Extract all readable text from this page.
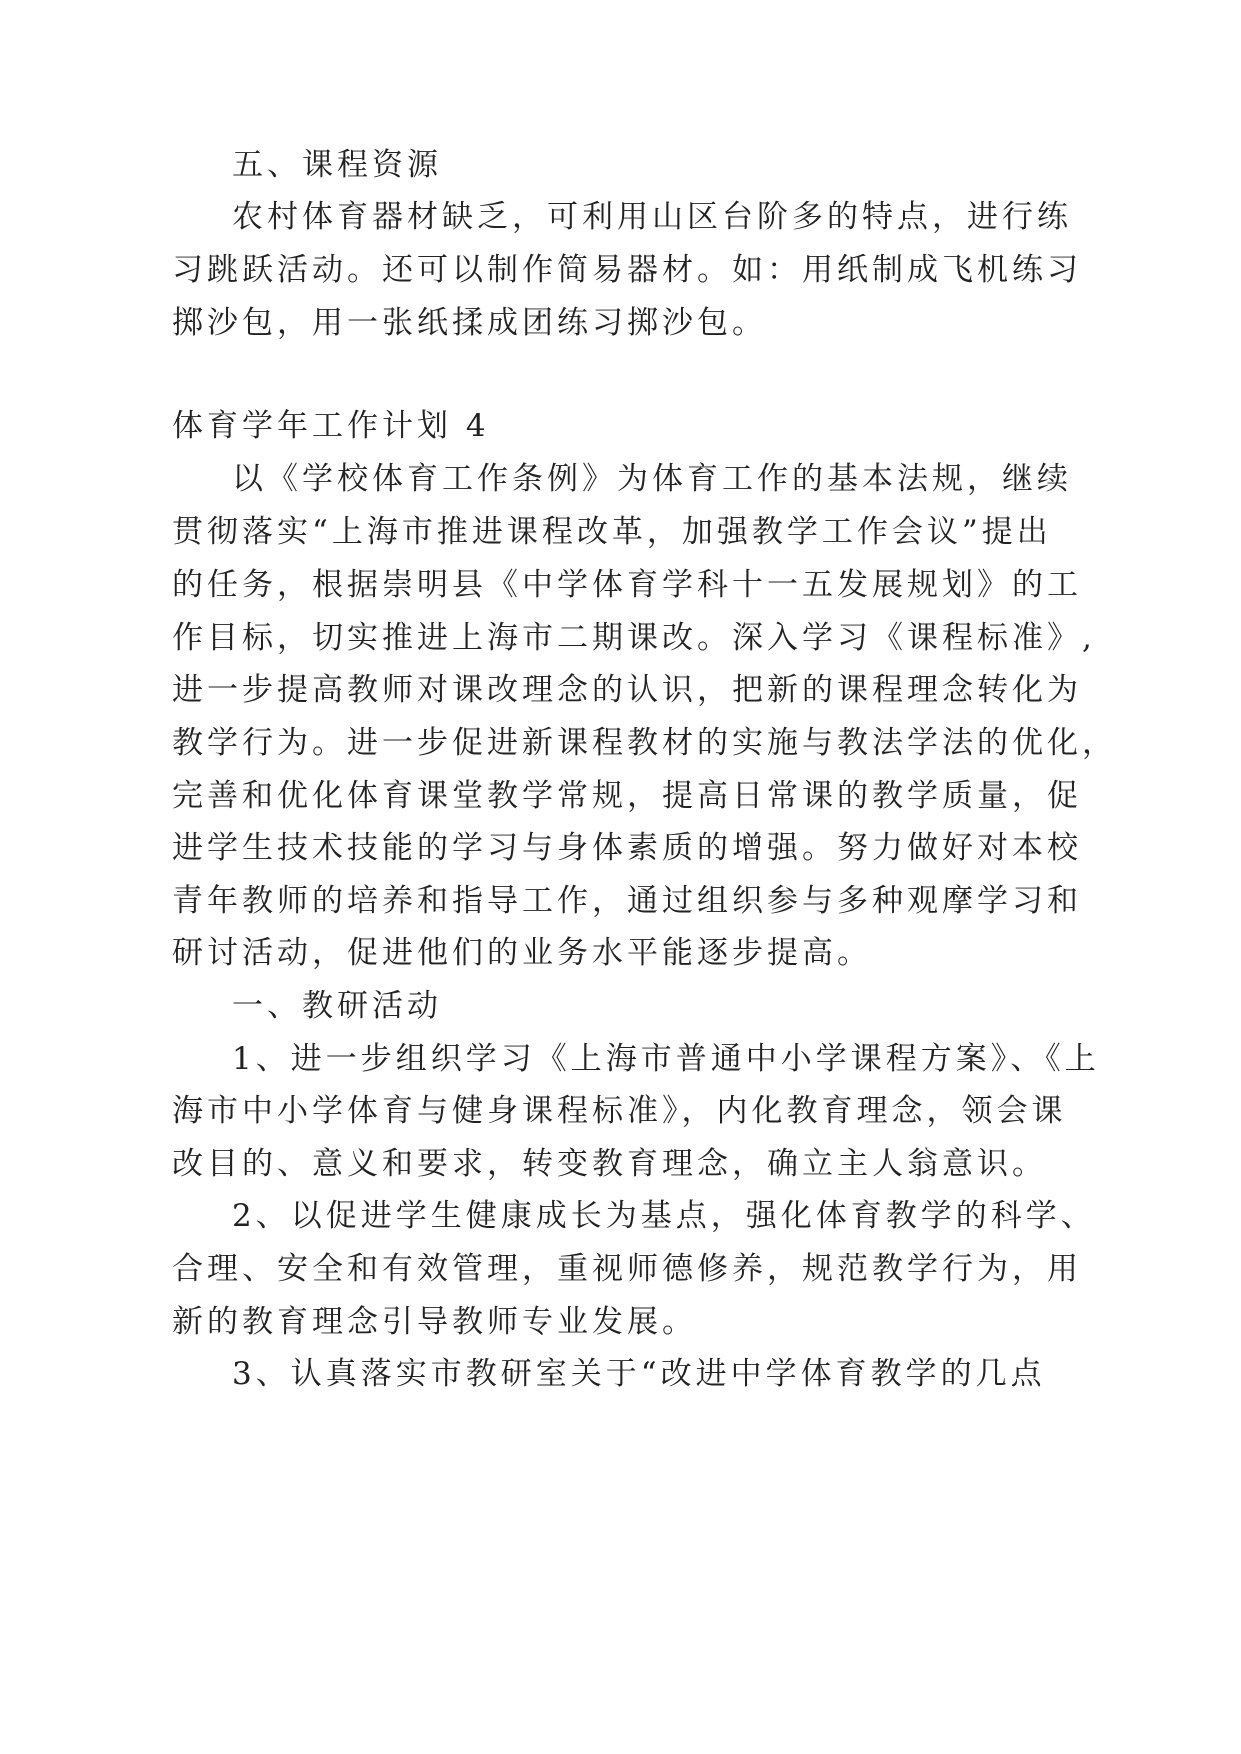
五、课程资源
农村体育器材缺乏，可利用山区台阶多的特点，进行练
习跳跃活动。还可以制作简易器材。如：用纸制成飞机练习
掷沙包，用一张纸揉成团练习掷沙包。
体育学年工作计划 4
以《学校体育工作条例》为体育工作的基本法规，继续
贯彻落实“上海市推进课程改革，加强教学工作会议”提出
的任务，根据崇明县《中学体育学科十一五发展规划》的工
作目标，切实推进上海市二期课改。深入学习《课程标准》,
进一步提高教师对课改理念的认识，把新的课程理念转化为
教学行为。进一步促进新课程教材的实施与教法学法的优化，
完善和优化体育课堂教学常规，提高日常课的教学质量，促
进学生技术技能的学习与身体素质的增强。努力做好对本校
青年教师的培养和指导工作，通过组织参与多种观摩学习和
研讨活动，促进他们的业务水平能逐步提高。
一、教研活动
1、进一步组织学习《上海市普通中小学课程方案》、《上
海市中小学体育与健身课程标准》，内化教育理念，领会课
改目的、意义和要求，转变教育理念，确立主人翁意识。
2、以促进学生健康成长为基点，强化体育教学的科学、
合理、安全和有效管理，重视师德修养，规范教学行为，用
新的教育理念引导教师专业发展。
3、认真落实市教研室关于“改进中学体育教学的几点
